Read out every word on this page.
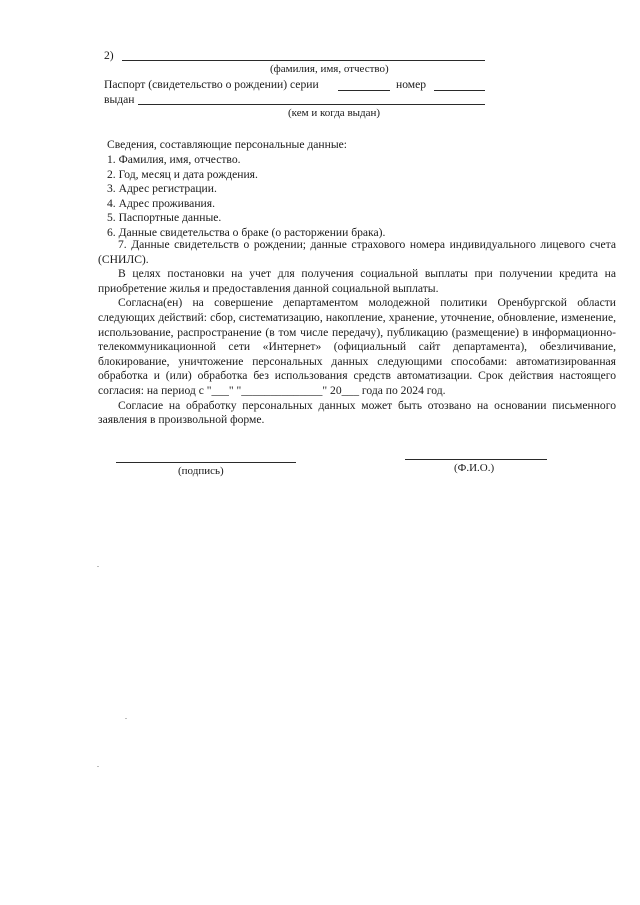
2)
(фамилия, имя, отчество)
Паспорт (свидетельство о рождении) серии	номер
выдан
(кем и когда выдан)
Сведения, составляющие персональные данные:
1. Фамилия, имя, отчество.
2. Год, месяц и дата рождения.
3. Адрес регистрации.
4. Адрес проживания.
5. Паспортные данные.
6. Данные свидетельства о браке (о расторжении брака).

7. Данные свидетельств о рождении; данные страхового номера индивидуального лицевого счета (СНИЛС).

В целях постановки на учет для получения социальной выплаты при получении кредита на приобретение жилья и предоставления данной социальной выплаты.

Согласна(ен) на совершение департаментом молодежной политики Оренбургской области следующих действий: сбор, систематизацию, накопление, хранение, уточнение, обновление, изменение, использование, распространение (в том числе передачу), публикацию (размещение) в информационно-телекоммуникационной сети «Интернет» (официальный сайт департамента), обезличивание, блокирование, уничтожение персональных данных следующими способами: автоматизированная обработка и (или) обработка без использования средств автоматизации. Срок действия настоящего согласия: на период с "___" "______________" 20___ года по 2024 год.

Согласие на обработку персональных данных может быть отозвано на основании письменного заявления в произвольной форме.

(подпись)	(Ф.И.О.)
